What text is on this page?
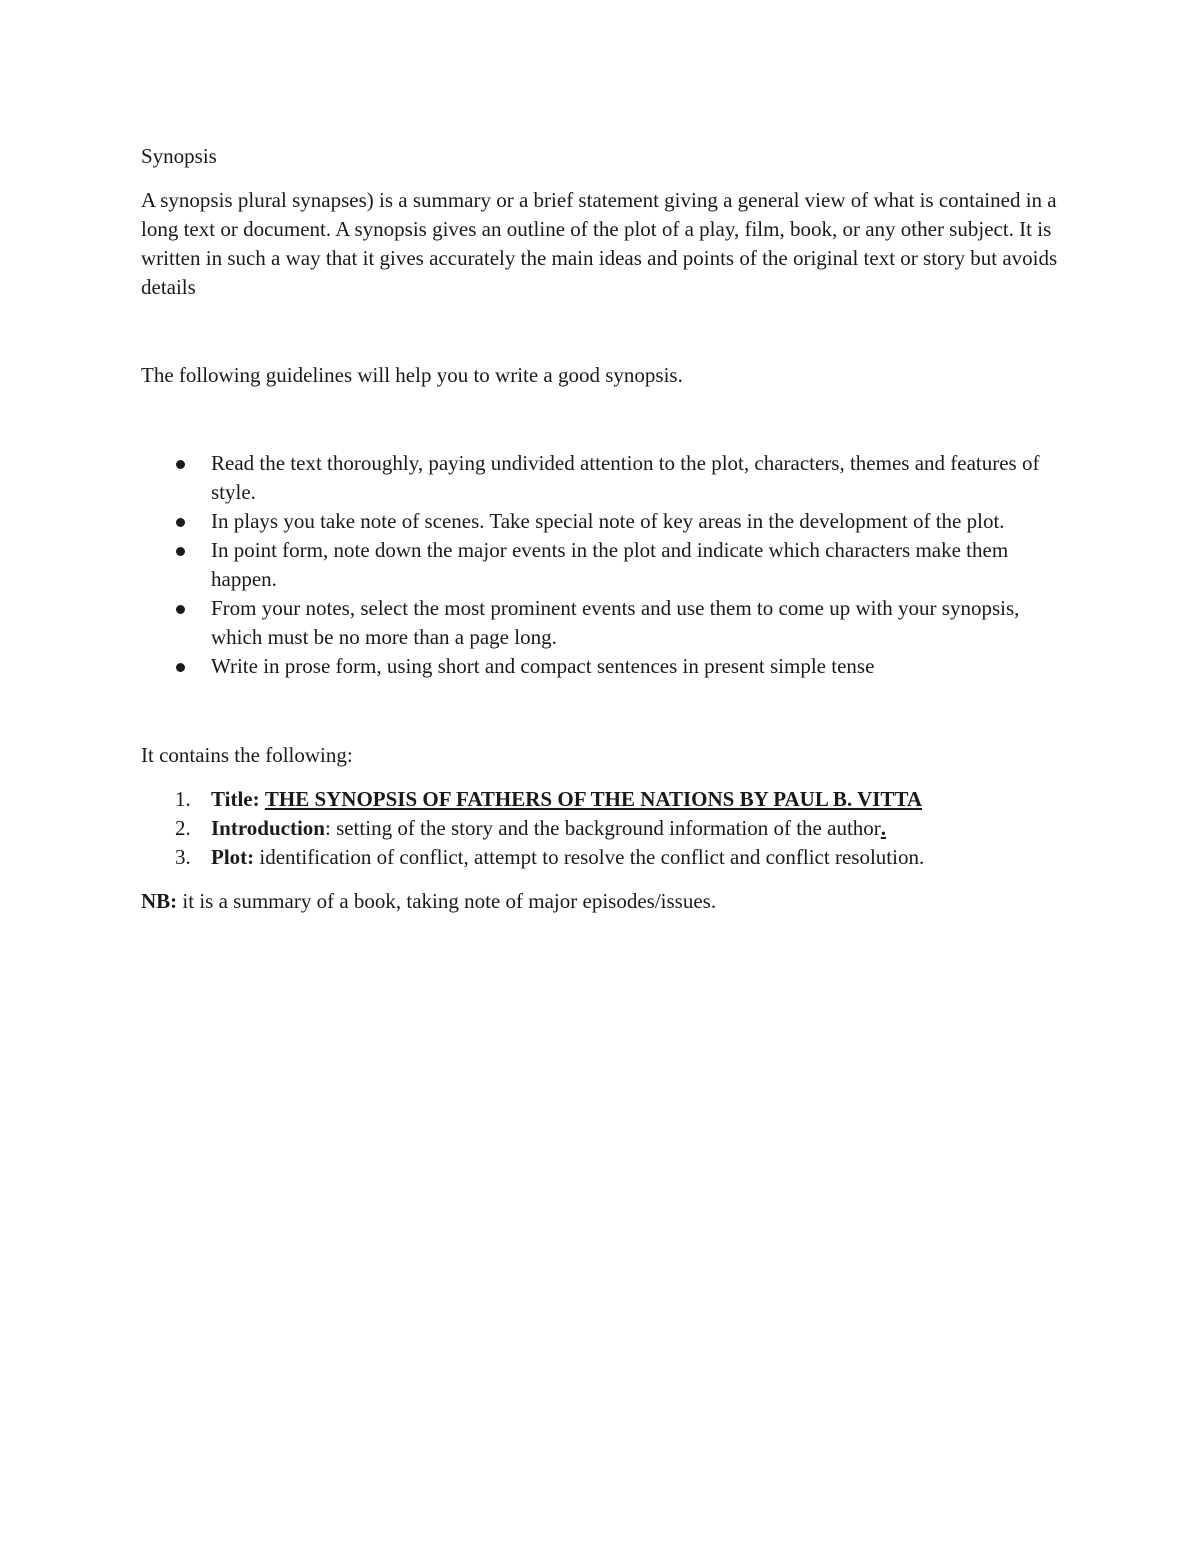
Synopsis

A synopsis plural synapses) is a summary or a brief statement giving a general view of what is contained in a long text or document. A synopsis gives an outline of the plot of a play, film, book, or any other subject. It is written in such a way that it gives accurately the main ideas and points of the original text or story but avoids details

The following guidelines will help you to write a good synopsis.

Read the text thoroughly, paying undivided attention to the plot, characters, themes and features of style.
In plays you take note of scenes. Take special note of key areas in the development of the plot.
In point form, note down the major events in the plot and indicate which characters make them happen.
From your notes, select the most prominent events and use them to come up with your synopsis, which must be no more than a page long.
Write in prose form, using short and compact sentences in present simple tense

It contains the following:

1. Title: THE SYNOPSIS OF FATHERS OF THE NATIONS BY PAUL B. VITTA
2. Introduction: setting of the story and the background information of the author.
3. Plot: identification of conflict, attempt to resolve the conflict and conflict resolution.

NB: it is a summary of a book, taking note of major episodes/issues.
